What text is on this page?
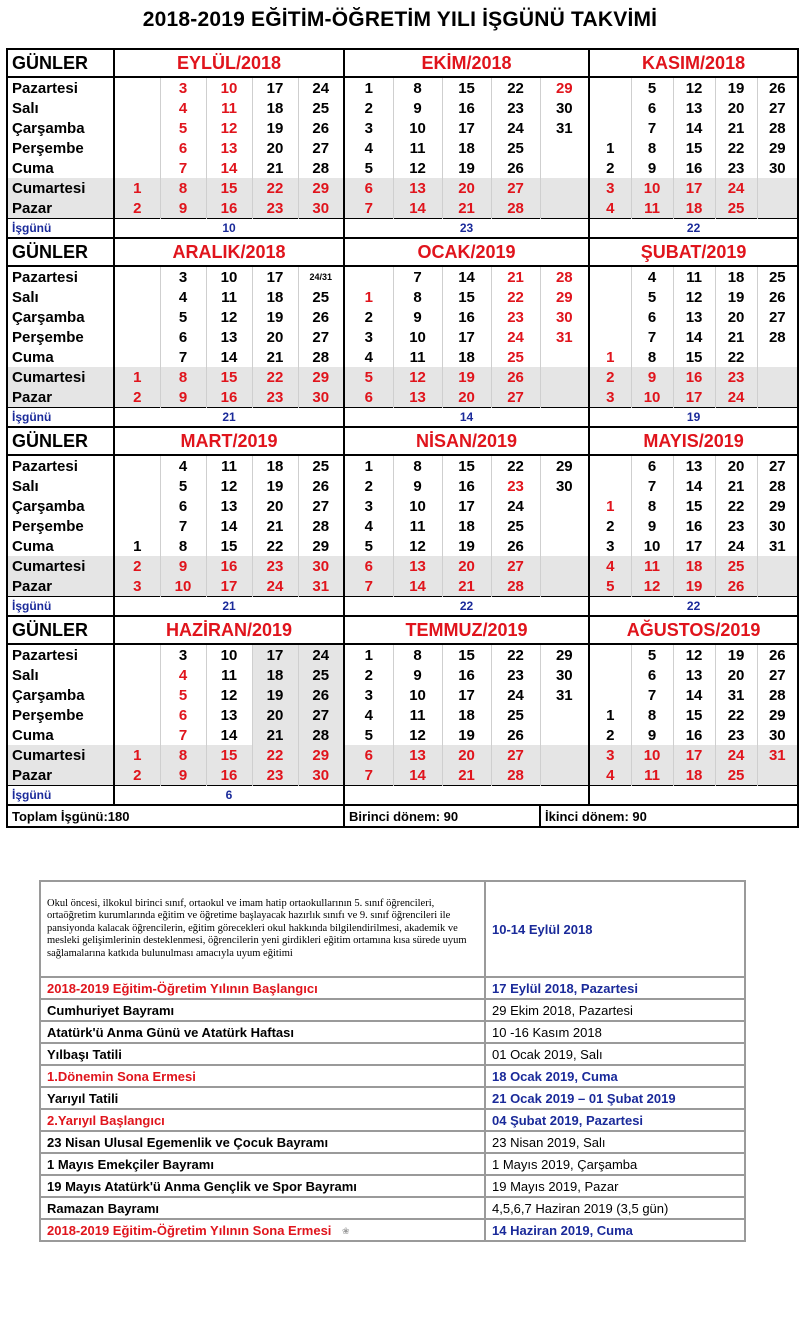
2018-2019 EĞİTİM-ÖĞRETİM YILI İŞGÜNÜ TAKVİMİ
GÜNLER	EYLÜL/2018					EKİM/2018					KASIM/2018				
Pazartesi		3	10	17	24	1	8	15	22	29		5	12	19	26
Salı		4	11	18	25	2	9	16	23	30		6	13	20	27
Çarşamba		5	12	19	26	3	10	17	24	31		7	14	21	28
Perşembe		6	13	20	27	4	11	18	25		1	8	15	22	29
Cuma		7	14	21	28	5	12	19	26		2	9	16	23	30
Cumartesi	1	8	15	22	29	6	13	20	27		3	10	17	24	
Pazar	2	9	16	23	30	7	14	21	28		4	11	18	25	
İşgünü	10					23					22				
GÜNLER	ARALIK/2018					OCAK/2019					ŞUBAT/2019				
Pazartesi		3	10	17	24/31		7	14	21	28		4	11	18	25
Salı		4	11	18	25	1	8	15	22	29		5	12	19	26
Çarşamba		5	12	19	26	2	9	16	23	30		6	13	20	27
Perşembe		6	13	20	27	3	10	17	24	31		7	14	21	28
Cuma		7	14	21	28	4	11	18	25		1	8	15	22	
Cumartesi	1	8	15	22	29	5	12	19	26		2	9	16	23	
Pazar	2	9	16	23	30	6	13	20	27		3	10	17	24	
İşgünü	21					14					19				
GÜNLER	MART/2019					NİSAN/2019					MAYIS/2019				
Pazartesi		4	11	18	25	1	8	15	22	29		6	13	20	27
Salı		5	12	19	26	2	9	16	23	30		7	14	21	28
Çarşamba		6	13	20	27	3	10	17	24		1	8	15	22	29
Perşembe		7	14	21	28	4	11	18	25		2	9	16	23	30
Cuma	1	8	15	22	29	5	12	19	26		3	10	17	24	31
Cumartesi	2	9	16	23	30	6	13	20	27		4	11	18	25	
Pazar	3	10	17	24	31	7	14	21	28		5	12	19	26	
İşgünü	21					22					22				
GÜNLER	HAZİRAN/2019					TEMMUZ/2019					AĞUSTOS/2019				
Pazartesi		3	10	17	24	1	8	15	22	29		5	12	19	26
Salı		4	11	18	25	2	9	16	23	30		6	13	20	27
Çarşamba		5	12	19	26	3	10	17	24	31		7	14	31	28
Perşembe		6	13	20	27	4	11	18	25		1	8	15	22	29
Cuma		7	14	21	28	5	12	19	26		2	9	16	23	30
Cumartesi	1	8	15	22	29	6	13	20	27		3	10	17	24	31
Pazar	2	9	16	23	30	7	14	21	28		4	11	18	25	
İşgünü	6														
Toplam İşgünü:180						Birinci dönem: 90				İkinci dönem: 90					
Okul öncesi, ilkokul birinci sınıf, ortaokul ve imam hatip ortaokullarının 5. sınıf öğrencileri, ortaöğretim kurumlarında eğitim ve öğretime başlayacak hazırlık sınıfı ve 9. sınıf öğrencileri ile pansiyonda kalacak öğrencilerin, eğitim görecekleri okul hakkında bilgilendirilmesi, akademik ve mesleki gelişimlerinin desteklenmesi, öğrencilerin yeni girdikleri eğitim ortamına kısa sürede uyum sağlamalarına katkıda bulunulması amacıyla uyum eğitimi	10-14 Eylül 2018
2018-2019 Eğitim-Öğretim Yılının Başlangıcı	17 Eylül 2018, Pazartesi
Cumhuriyet Bayramı	29 Ekim 2018, Pazartesi
Atatürk'ü Anma Günü ve Atatürk Haftası	10 -16 Kasım 2018
Yılbaşı Tatili	01 Ocak 2019, Salı
1.Dönemin Sona Ermesi	18 Ocak 2019, Cuma
Yarıyıl Tatili	21 Ocak 2019 – 01 Şubat 2019
2.Yarıyıl Başlangıcı	04 Şubat 2019, Pazartesi
23 Nisan Ulusal Egemenlik ve Çocuk Bayramı	23 Nisan 2019, Salı
1 Mayıs Emekçiler Bayramı	1 Mayıs 2019, Çarşamba
19 Mayıs Atatürk'ü Anma Gençlik ve Spor Bayramı	19 Mayıs 2019, Pazar
Ramazan Bayramı	4,5,6,7 Haziran 2019 (3,5 gün)
2018-2019 Eğitim-Öğretim Yılının Sona Ermesi	14 Haziran 2019, Cuma
❀
